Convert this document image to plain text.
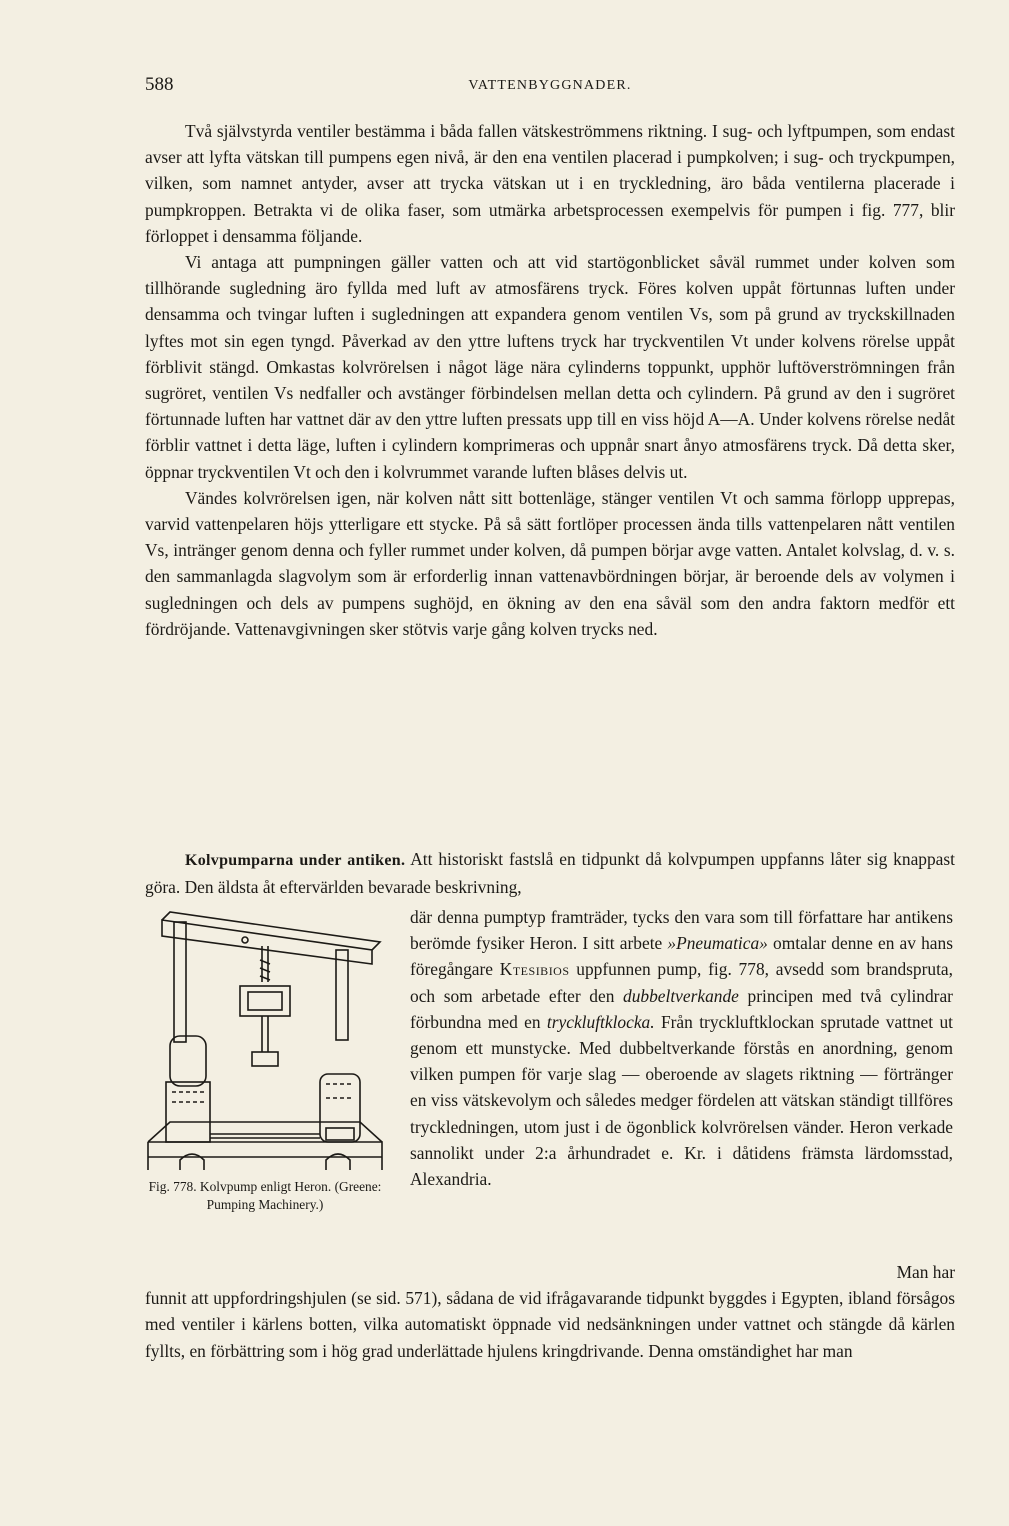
588	VATTENBYGGNADER.

Två självstyrda ventiler bestämma i båda fallen vätskeströmmens riktning. I sug- och lyftpumpen, som endast avser att lyfta vätskan till pumpens egen nivå, är den ena ventilen placerad i pumpkolven; i sug- och tryckpumpen, vilken, som namnet antyder, avser att trycka vätskan ut i en tryckledning, äro båda ventilerna placerade i pumpkroppen. Betrakta vi de olika faser, som utmärka arbetsprocessen exempelvis för pumpen i fig. 777, blir förloppet i densamma följande.

Vi antaga att pumpningen gäller vatten och att vid startögonblicket såväl rummet under kolven som tillhörande sugledning äro fyllda med luft av atmosfärens tryck. Föres kolven uppåt förtunnas luften under densamma och tvingar luften i sugledningen att expandera genom ventilen Vs, som på grund av tryckskillnaden lyftes mot sin egen tyngd. Påverkad av den yttre luftens tryck har tryckventilen Vt under kolvens rörelse uppåt förblivit stängd. Omkastas kolvrörelsen i något läge nära cylinderns toppunkt, upphör luftöverströmningen från sugröret, ventilen Vs nedfaller och avstänger förbindelsen mellan detta och cylindern. På grund av den i sugröret förtunnade luften har vattnet där av den yttre luften pressats upp till en viss höjd A—A. Under kolvens rörelse nedåt förblir vattnet i detta läge, luften i cylindern komprimeras och uppnår snart ånyo atmosfärens tryck. Då detta sker, öppnar tryckventilen Vt och den i kolvrummet varande luften blåses delvis ut.

Vändes kolvrörelsen igen, när kolven nått sitt bottenläge, stänger ventilen Vt och samma förlopp upprepas, varvid vattenpelaren höjs ytterligare ett stycke. På så sätt fortlöper processen ända tills vattenpelaren nått ventilen Vs, intränger genom denna och fyller rummet under kolven, då pumpen börjar avge vatten. Antalet kolvslag, d. v. s. den sammanlagda slagvolym som är erforderlig innan vattenavbördningen börjar, är beroende dels av volymen i sugledningen och dels av pumpens sughöjd, en ökning av den ena såväl som den andra faktorn medför ett fördröjande. Vattenavgivningen sker stötvis varje gång kolven trycks ned.

Kolvpumparna under antiken. Att historiskt fastslå en tidpunkt då kolvpumpen uppfanns låter sig knappast göra. Den äldsta åt eftervärlden bevarade beskrivning,

Fig. 778. Kolvpump enligt Heron. (Greene: Pumping Machinery.)

där denna pumptyp framträder, tycks den vara som till författare har antikens berömde fysiker Heron. I sitt arbete »Pneumatica» omtalar denne en av hans föregångare Ktesibios uppfunnen pump, fig. 778, avsedd som brandspruta, och som arbetade efter den dubbeltverkande principen med två cylindrar förbundna med en tryckluftklocka. Från tryckluftklockan sprutade vattnet ut genom ett munstycke. Med dubbeltverkande förstås en anordning, genom vilken pumpen för varje slag — oberoende av slagets riktning — förtränger en viss vätskevolym och således medger fördelen att vätskan ständigt tillföres tryckledningen, utom just i de ögonblick kolvrörelsen vänder. Heron verkade sannolikt under 2:a århundradet e. Kr. i dåtidens främsta lärdomsstad, Alexandria.

Man har

funnit att uppfordringshjulen (se sid. 571), sådana de vid ifrågavarande tidpunkt byggdes i Egypten, ibland försågos med ventiler i kärlens botten, vilka automatiskt öppnade vid nedsänkningen under vattnet och stängde då kärlen fyllts, en förbättring som i hög grad underlättade hjulens kringdrivande. Denna omständighet har man
